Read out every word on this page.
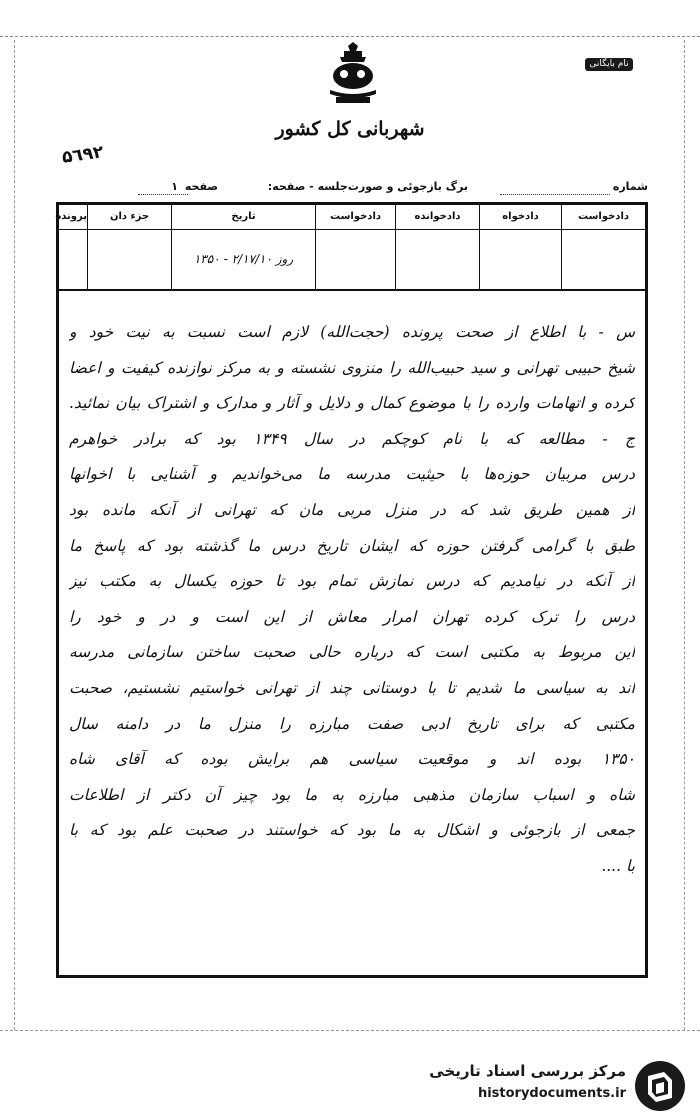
نام بایگانی
شهربانی کل کشور
۵٦٩٢
شماره
برگ بازجوئی و صورت‌جلسه - صفحه:
صفحه
۱
دادخواست
دادخواه
دادخوانده
دادخواست
تاریخ
روز ۲/۱۷/۱۰ - ۱۳۵۰
جزء دان
پرونده
س - با اطلاع از صحت پرونده (حجت‌الله) لازم است نسبت به نیت خود و
شیخ حبیبی تهرانی و سید حبیب‌الله را منزوی نشسته و به مرکز نوازنده کیفیت و اعضا
کرده و اتهامات وارده را با موضوع کمال و دلایل و آثار و مدارک و اشتراک بیان نمائید.
ج - مطالعه که با نام کوچکم در سال ۱۳۴۹ بود که برادر خواهرم
درس مربیان حوزه‌ها با حیثیت مدرسه ما می‌خواندیم و آشنایی با اخوانها
از همین طریق شد که در منزل مربی مان که تهرانی از آنکه مانده بود
طبق با گرامی گرفتن حوزه که ایشان تاریخ درس ما گذشته بود که پاسخ ما
از آنکه در نیامدیم که درس نمازش تمام بود تا حوزه یکسال به مکتب نیز
درس را ترک کرده تهران امرار معاش از این است و در و خود را
این مربوط به مکتبی است که درباره حالی صحبت ساختن سازمانی مدرسه
اند به سیاسی ما شدیم تا با دوستانی چند از تهرانی خواستیم نشستیم، صحبت
مکتبی که برای تاریخ ادبی صفت مبارزه را منزل ما در دامنه سال
۱۳۵۰ بوده اند و موقعیت سیاسی هم برایش بوده که آقای شاه
شاه و اسباب سازمان مذهبی مبارزه به ما بود چیز آن دکتر از اطلاعات
جمعی از بازجوئی و اشکال به ما بود که خواستند در صحبت علم بود که با
با ....
مرکز بررسی اسناد تاریخی
historydocuments.ir
